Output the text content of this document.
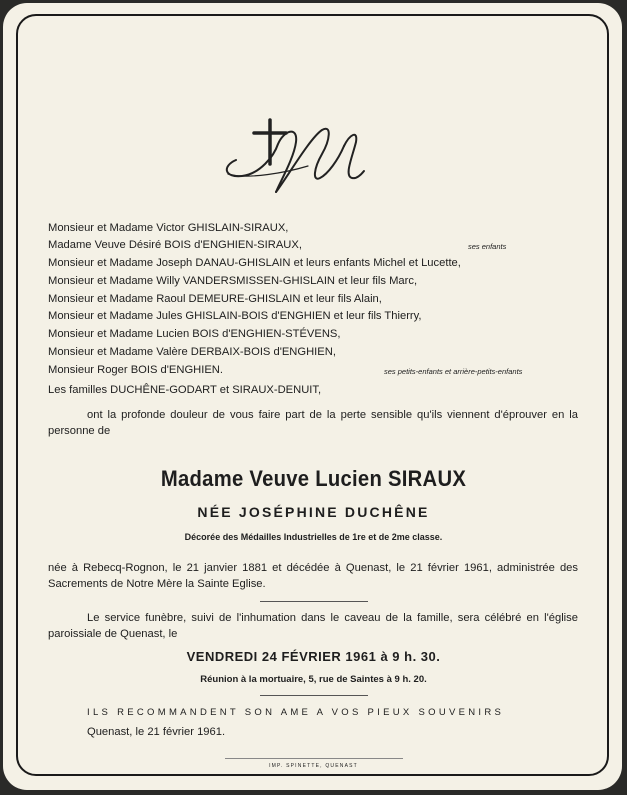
Monsieur et Madame Victor GHISLAIN-SIRAUX,
Madame Veuve Désiré BOIS d'ENGHIEN-SIRAUX,	ses enfants
Monsieur et Madame Joseph DANAU-GHISLAIN et leurs enfants Michel et Lucette,
Monsieur et Madame Willy VANDERSMISSEN-GHISLAIN et leur fils Marc,
Monsieur et Madame Raoul DEMEURE-GHISLAIN et leur fils Alain,
Monsieur et Madame Jules GHISLAIN-BOIS d'ENGHIEN et leur fils Thierry,
Monsieur et Madame Lucien BOIS d'ENGHIEN-STÉVENS,
Monsieur et Madame Valère DERBAIX-BOIS d'ENGHIEN,
Monsieur Roger BOIS d'ENGHIEN.	ses petits-enfants et arrière-petits-enfants
Les familles DUCHÊNE-GODART et SIRAUX-DENUIT,
ont la profonde douleur de vous faire part de la perte sensible qu'ils viennent d'éprouver en la personne de
Madame Veuve Lucien SIRAUX
NÉE JOSÉPHINE DUCHÊNE
Décorée des Médailles Industrielles de 1re et de 2me classe.
née à Rebecq-Rognon, le 21 janvier 1881 et décédée à Quenast, le 21 février 1961, administrée des Sacrements de Notre Mère la Sainte Eglise.
Le service funèbre, suivi de l'inhumation dans le caveau de la famille, sera célébré en l'église paroissiale de Quenast, le
VENDREDI 24 FÉVRIER 1961 à 9 h. 30.
Réunion à la mortuaire, 5, rue de Saintes à 9 h. 20.
ILS RECOMMANDENT SON AME A VOS PIEUX SOUVENIRS
Quenast, le 21 février 1961.
IMP. SPINETTE, QUENAST
